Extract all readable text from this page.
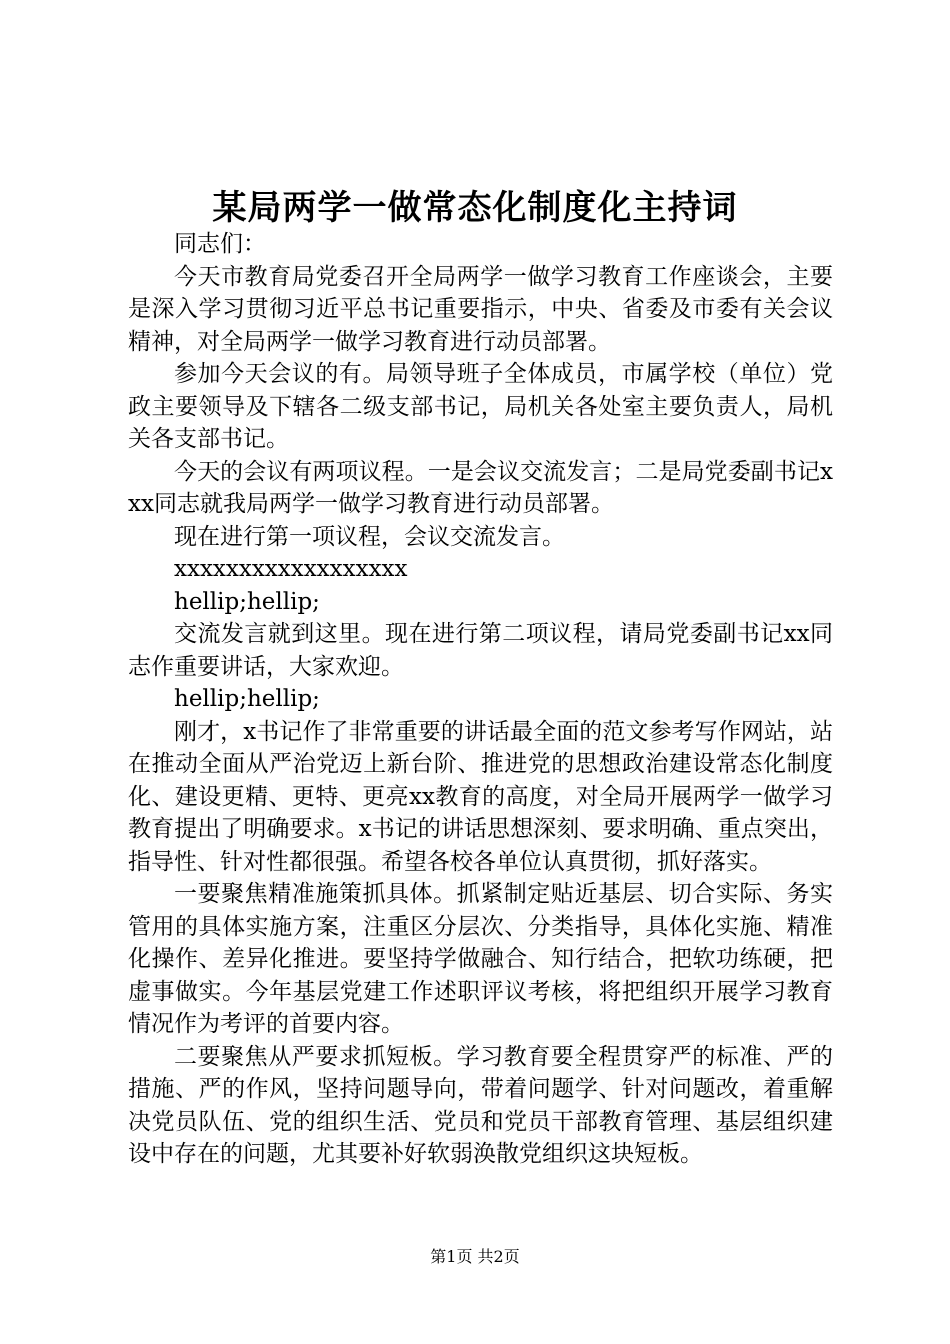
某局两学一做常态化制度化主持词

同志们：

今天市教育局党委召开全局两学一做学习教育工作座谈会，主要是深入学习贯彻习近平总书记重要指示，中央、省委及市委有关会议精神，对全局两学一做学习教育进行动员部署。

参加今天会议的有。局领导班子全体成员，市属学校（单位）党政主要领导及下辖各二级支部书记，局机关各处室主要负责人，局机关各支部书记。

今天的会议有两项议程。一是会议交流发言；二是局党委副书记xxx同志就我局两学一做学习教育进行动员部署。

现在进行第一项议程，会议交流发言。

xxxxxxxxxxxxxxxxxx

hellip;hellip;

交流发言就到这里。现在进行第二项议程，请局党委副书记xx同志作重要讲话，大家欢迎。

hellip;hellip;

刚才，x书记作了非常重要的讲话最全面的范文参考写作网站，站在推动全面从严治党迈上新台阶、推进党的思想政治建设常态化制度化、建设更精、更特、更亮xx教育的高度，对全局开展两学一做学习教育提出了明确要求。x书记的讲话思想深刻、要求明确、重点突出，指导性、针对性都很强。希望各校各单位认真贯彻，抓好落实。

一要聚焦精准施策抓具体。抓紧制定贴近基层、切合实际、务实管用的具体实施方案，注重区分层次、分类指导，具体化实施、精准化操作、差异化推进。要坚持学做融合、知行结合，把软功练硬，把虚事做实。今年基层党建工作述职评议考核，将把组织开展学习教育情况作为考评的首要内容。

二要聚焦从严要求抓短板。学习教育要全程贯穿严的标准、严的措施、严的作风，坚持问题导向，带着问题学、针对问题改，着重解决党员队伍、党的组织生活、党员和党员干部教育管理、基层组织建设中存在的问题，尤其要补好软弱涣散党组织这块短板。

第1页 共2页
